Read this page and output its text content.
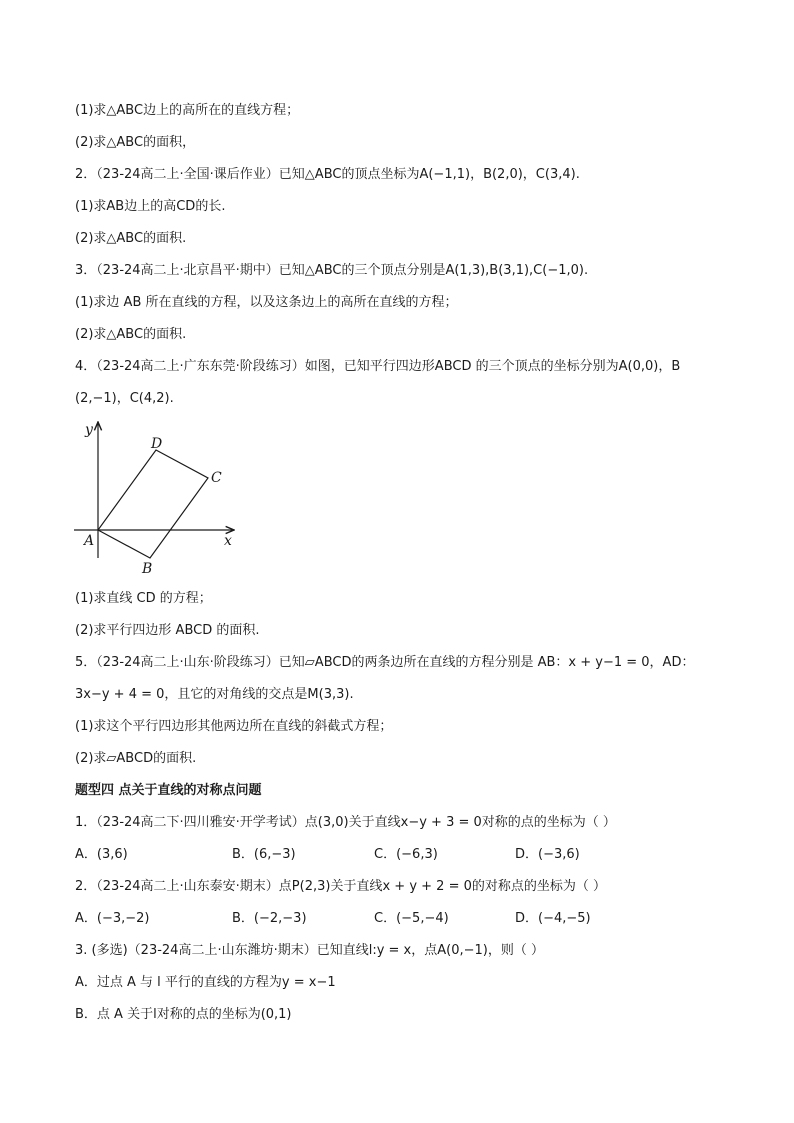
(1)求△ABC边上的高所在的直线方程；
(2)求△ABC的面积，
2．（23-24高二上·全国·课后作业）已知△ABC的顶点坐标为A(−1,1)，B(2,0)，C(3,4).
(1)求AB边上的高CD的长.
(2)求△ABC的面积.
3．（23-24高二上·北京昌平·期中）已知△ABC的三个顶点分别是A(1,3),B(3,1),C(−1,0).
(1)求边 AB 所在直线的方程，以及这条边上的高所在直线的方程；
(2)求△ABC的面积.
4．（23-24高二上·广东东莞·阶段练习）如图，已知平行四边形ABCD 的三个顶点的坐标分别为A(0,0)，B
(2,−1)，C(4,2).
y
x
A
B
C
D
(1)求直线 CD 的方程；
(2)求平行四边形 ABCD 的面积.
5．（23-24高二上·山东·阶段练习）已知▱ABCD的两条边所在直线的方程分别是 AB：x + y−1 = 0，AD：
3x−y + 4 = 0，且它的对角线的交点是M(3,3).
(1)求这个平行四边形其他两边所在直线的斜截式方程；
(2)求▱ABCD的面积.
题型四 点关于直线的对称点问题
1．（23-24高二下·四川雅安·开学考试）点(3,0)关于直线x−y + 3 = 0对称的点的坐标为（ ）
A．(3,6)	B．(6,−3)	C．(−6,3)	D．(−3,6)
2．（23-24高二上·山东泰安·期末）点P(2,3)关于直线x + y + 2 = 0的对称点的坐标为（ ）
A．(−3,−2)	B．(−2,−3)	C．(−5,−4)	D．(−4,−5)
3. (多选)（23-24高二上·山东潍坊·期末）已知直线l:y = x，点A(0,−1)，则（ ）
A．过点 A 与 l 平行的直线的方程为y = x−1
B．点 A 关于l对称的点的坐标为(0,1)
